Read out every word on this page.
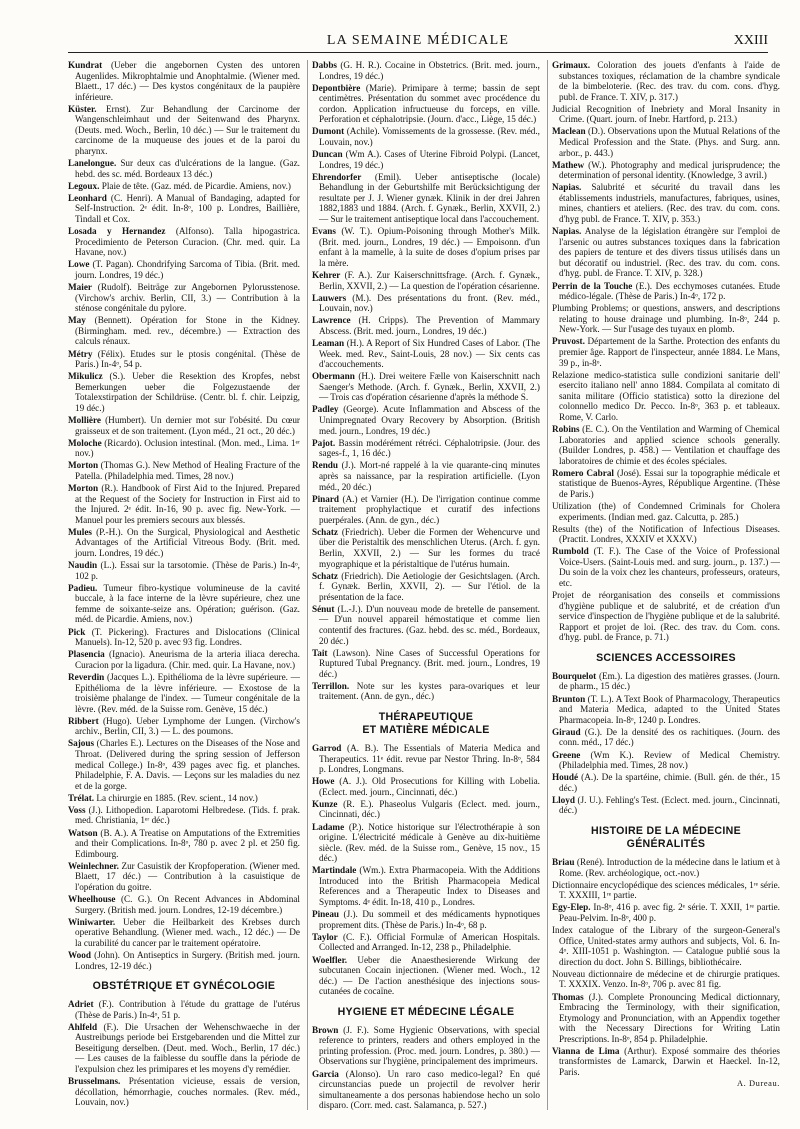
LA SEMAINE MÉDICALE	XXIII
Kundrat (Ueber die angebornen Cysten des untoren Augenlides. Mikrophtalmie und Anophtalmie. (Wiener med. Blaett., 17 déc.) — Des kystos congénitaux de la paupière inférieure.
Küster. Ernst). Zur Behandlung der Carcinome der Wangenschleimhaut und der Seitenwand des Pharynx. (Deuts. med. Woch., Berlin, 10 déc.) — Sur le traitement du carcinome de la muqueuse des joues et de la paroi du pharynx.
Lanelongue. Sur deux cas d'ulcérations de la langue. (Gaz. hebd. des sc. méd. Bordeaux 13 déc.)
Legoux. Plaie de tête. (Gaz. méd. de Picardie. Amiens, nov.)
Leonhard (C. Henri). A Manual of Bandaging, adapted for Self-Instruction. 2ᵉ édit. In-8ᵒ, 100 p. Londres, Baillière, Tindall et Cox.
Losada y Hernandez (Alfonso). Talla hipogastrica. Procedimiento de Peterson Curacion. (Chr. med. quir. La Havane, nov.)
Lowe (T. Pagan). Chondrifying Sarcoma of Tibia. (Brit. med. journ. Londres, 19 déc.)
Maier (Rudolf). Beiträge zur Angebornen Pylorusstenose. (Virchow's archiv. Berlin, CII, 3.) — Contribution à la sténose congénitale du pylore.
May (Bennett). Opération for Stone in the Kidney. (Birmingham. med. rev., décembre.) — Extraction des calculs rénaux.
Métry (Félix). Etudes sur le ptosis congénital. (Thèse de Paris.) In-4ᵒ, 54 p.
Mikulicz (S.). Ueber die Resektion des Kropfes, nebst Bemerkungen ueber die Folgezustaende der Totalexstirpation der Schildrüse. (Centr. bl. f. chir. Leipzig, 19 déc.)
Mollière (Humbert). Un dernier mot sur l'obésité. Du cœur graisseux et de son traitement. (Lyon méd., 21 oct., 20 déc.)
Moloche (Ricardo). Oclusion intestinal. (Mon. med., Lima. 1ᵉʳ nov.)
Morton (Thomas G.). New Method of Healing Fracture of the Patella. (Philadelphia med. Times, 28 nov.)
Morton (R.). Handbook of First Aid to the Injured. Prepared at the Request of the Society for Instruction in First aid to the Injured. 2ᵉ édit. In-16, 90 p. avec fig. New-York. — Manuel pour les premiers secours aux blessés.
Mules (P.-H.). On the Surgical, Physiological and Aesthetic Advantages of the Artificial Vitreous Body. (Brit. med. journ. Londres, 19 déc.)
Naudin (L.). Essai sur la tarsotomie. (Thèse de Paris.) In-4ᵒ, 102 p.
Padieu. Tumeur fibro-kystique volumineuse de la cavité buccale, à la face interne de la lèvre supérieure, chez une femme de soixante-seize ans. Opération; guérison. (Gaz. méd. de Picardie. Amiens, nov.)
Pick (T. Pickering). Fractures and Dislocations (Clinical Manuels). In-12, 520 p. avec 93 fig. Londres.
Plasencia (Ignacio). Aneurisma de la arteria iliaca derecha. Curacion por la ligadura. (Chir. med. quir. La Havane, nov.)
Reverdin (Jacques L.). Epithélioma de la lèvre supérieure. — Epithélioma de la lèvre inférieure. — Exostose de la troisième phalange de l'index. — Tumeur congénitale de la lèvre. (Rev. méd. de la Suisse rom. Genève, 15 déc.)
Ribbert (Hugo). Ueber Lymphome der Lungen. (Virchow's archiv., Berlin, CII, 3.) — L. des poumons.
Sajous (Charles E.). Lectures on the Diseases of the Nose and Throat. (Delivered during the spring session of Jefferson medical College.) In-8ᵒ, 439 pages avec fig. et planches. Philadelphie, F. A. Davis. — Leçons sur les maladies du nez et de la gorge.
Trélat. La chirurgie en 1885. (Rev. scient., 14 nov.)
Voss (J.). Lithopedion. Laparotomi Helbredese. (Tids. f. prak. med. Christiania, 1ᵉʳ déc.)
Watson (B. A.). A Treatise on Amputations of the Extremities and their Complications. In-8ᵒ, 780 p. avec 2 pl. et 250 fig. Edimbourg.
Weinlechner. Zur Casuistik der Kropfoperation. (Wiener med. Blaett, 17 déc.) — Contribution à la casuistique de l'opération du goitre.
Wheelhouse (C. G.). On Recent Advances in Abdominal Surgery. (British med. journ. Londres, 12-19 décembre.)
Winiwarter. Ueber die Heilbarkeit des Krebses durch operative Behandlung. (Wiener med. wach., 12 déc.) — De la curabilité du cancer par le traitement opératoire.
Wood (John). On Antiseptics in Surgery. (British med. journ. Londres, 12-19 déc.)
OBSTÉTRIQUE ET GYNÉCOLOGIE
Adriet (F.). Contribution à l'étude du grattage de l'utérus (Thèse de Paris.) In-4ᵒ, 51 p.
Ahlfeld (F.). Die Ursachen der Wehenschwaeche in der Austreibungs periode bei Erstgebarenden und die Mittel zur Beseitigung derselben. (Deut. med. Woch., Berlin, 17 déc.) — Les causes de la faiblesse du souffle dans la période de l'expulsion chez les primipares et les moyens d'y remédier.
Brusselmans. Présentation vicieuse, essais de version, décollation, hémorrhagie, couches normales. (Rev. méd., Louvain, nov.)
Dabbs (G. H. R.). Cocaine in Obstetrics. (Brit. med. journ., Londres, 19 déc.)
Depontbière (Marie). Primipare à terme; bassin de sept centimètres. Présentation du sommet avec procédence du cordon. Application infructueuse du forceps, en ville. Perforation et céphalotripsie. (Journ. d'acc., Liège, 15 déc.)
Dumont (Achile). Vomissements de la grossesse. (Rev. méd., Louvain, nov.)
Duncan (Wm A.). Cases of Uterine Fibroid Polypi. (Lancet, Londres, 19 déc.)
Ehrendorfer (Emil). Ueber antiseptische (locale) Behandlung in der Geburtshilfe mit Berücksichtigung der resultate per J. J. Wiener gynæk. Klinik in der drei Jahren 1882,1883 und 1884. (Arch. f. Gynæk., Berlin, XXVII, 2.) — Sur le traitement antiseptique local dans l'accouchement.
Evans (W. T.). Opium-Poisoning through Mother's Milk. (Brit. med. journ., Londres, 19 déc.) — Empoisonn. d'un enfant à la mamelle, à la suite de doses d'opium prises par la mère.
Kehrer (F. A.). Zur Kaiserschnittsfrage. (Arch. f. Gynæk., Berlin, XXVII, 2.) — La question de l'opération césarienne.
Lauwers (M.). Des présentations du front. (Rev. méd., Louvain, nov.)
Lawrence (H. Cripps). The Prevention of Mammary Abscess. (Brit. med. journ., Londres, 19 déc.)
Leaman (H.). A Report of Six Hundred Cases of Labor. (The Week. med. Rev., Saint-Louis, 28 nov.) — Six cents cas d'accouchements.
Obermann (H.). Drei weitere Fælle von Kaiserschnitt nach Saenger's Methode. (Arch. f. Gynæk., Berlin, XXVII, 2.) — Trois cas d'opération césarienne d'après la méthode S.
Padley (George). Acute Inflammation and Abscess of the Unimpregnated Ovary Recovery by Absorption. (British med. journ., Londres, 19 déc.)
Pajot. Bassin modérément rétréci. Céphalotripsie. (Jour. des sages-f., 1, 16 déc.)
Rendu (J.). Mort-né rappelé à la vie quarante-cinq minutes après sa naissance, par la respiration artificielle. (Lyon méd., 20 déc.)
Pinard (A.) et Varnier (H.). De l'irrigation continue comme traitement prophylactique et curatif des infections puerpérales. (Ann. de gyn., déc.)
Schatz (Friedrich). Ueber die Formen der Wehencurve und über die Peristaltik des menschlichen Uterus. (Arch. f. gyn. Berlin, XXVII, 2.) — Sur les formes du tracé myographique et la péristaltique de l'utérus humain.
Schatz (Friedrich). Die Aetiologie der Gesichtslagen. (Arch. f. Gynæk. Berlin, XXVII, 2). — Sur l'étiol. de la présentation de la face.
Sénut (L.-J.). D'un nouveau mode de bretelle de pansement. — D'un nouvel appareil hémostatique et comme lien contentif des fractures. (Gaz. hebd. des sc. méd., Bordeaux, 20 déc.)
Tait (Lawson). Nine Cases of Successful Operations for Ruptured Tubal Pregnancy. (Brit. med. journ., Londres, 19 déc.)
Terrillon. Note sur les kystes para-ovariques et leur traitement. (Ann. de gyn., déc.)
THÉRAPEUTIQUE
ET MATIÈRE MÉDICALE
Garrod (A. B.). The Essentials of Materia Medica and Therapeutics. 11ᵉ édit. revue par Nestor Thring. In-8ᵒ, 584 p. Londres, Longmans.
Howe (A. J.). Old Prosecutions for Killing with Lobelia. (Eclect. med. journ., Cincinnati, déc.)
Kunze (R. E.). Phaseolus Vulgaris (Eclect. med. journ., Cincinnati, déc.)
Ladame (P.). Notice historique sur l'électrothérapie à son origine. L'électricité médicale à Genève au dix-huitième siècle. (Rev. méd. de la Suisse rom., Genève, 15 nov., 15 déc.)
Martindale (Wm.). Extra Pharmacopeia. With the Additions Introduced into the British Pharmacopeia Medical References and a Therapeutic Index to Diseases and Symptoms. 4ᵉ édit. In-18, 410 p., Londres.
Pineau (J.). Du sommeil et des médicaments hypnotiques proprement dits. (Thèse de Paris.) In-4ᵒ, 68 p.
Taylor (C. F.). Official Formulæ of American Hospitals. Collected and Arranged. In-12, 238 p., Philadelphie.
Woelfler. Ueber die Anaesthesierende Wirkung der subcutanen Cocain injectionen. (Wiener med. Woch., 12 déc.) — De l'action anesthésique des injections sous-cutanées de cocaïne.
HYGIENE ET MÉDECINE LÉGALE
Brown (J. F.). Some Hygienic Observations, with special reference to printers, readers and others employed in the printing profession. (Proc. med. journ. Londres, p. 380.) — Observations sur l'hygiène, principalement des imprimeurs.
Garcia (Alonso). Un raro caso medico-legal? En qué circunstancias puede un projectil de revolver herir simultaneamente a dos personas habiendose hecho un solo disparo. (Corr. med. cast. Salamanca, p. 527.)
Grimaux. Coloration des jouets d'enfants à l'aide de substances toxiques, réclamation de la chambre syndicale de la bimbeloterie. (Rec. des trav. du com. cons. d'hyg. publ. de France. T. XIV, p. 317.)
Judicial Recognition of Inebriety and Moral Insanity in Crime. (Quart. journ. of Inebr. Hartford, p. 213.)
Maclean (D.). Observations upon the Mutual Relations of the Medical Profession and the State. (Phys. and Surg. ann. arbor., p. 443.)
Mathew (W.). Photography and medical jurisprudence; the determination of personal identity. (Knowledge, 3 avril.)
Napias. Salubrité et sécurité du travail dans les établissements industriels, manufactures, fabriques, usines, mines, chantiers et ateliers. (Rec. des trav. du com. cons. d'hyg publ. de France. T. XIV, p. 353.)
Napias. Analyse de la législation étrangère sur l'emploi de l'arsenic ou autres substances toxiques dans la fabrication des papiers de tenture et des divers tissus utilisés dans un but décoratif ou industriel. (Rec. des trav. du com. cons. d'hyg. publ. de France. T. XIV, p. 328.)
Perrin de la Touche (E.). Des ecchymoses cutanées. Etude médico-légale. (Thèse de Paris.) In-4ᵒ, 172 p.
Plumbing Problems; or questions, answers, and descriptions relating to house drainage und plumbing. In-8ᵒ, 244 p. New-York. — Sur l'usage des tuyaux en plomb.
Pruvost. Département de la Sarthe. Protection des enfants du premier âge. Rapport de l'inspecteur, année 1884. Le Mans, 39 p., in-8ᵒ.
Relazione medico-statistica sulle condizioni sanitarie dell' esercito italiano nell' anno 1884. Compilata al comitato di sanita militare (Officio statistica) sotto la direzione del colonnello medico Dr. Pecco. In-8ᵒ, 363 p. et tableaux. Rome, V. Carlo.
Robins (E. C.). On the Ventilation and Warming of Chemical Laboratories and applied science schools generally. (Builder Londres, p. 458.) — Ventilation et chauffage des laboratoires de chimie et des écoles spéciales.
Romero Cabral (José). Essai sur la topographie médicale et statistique de Buenos-Ayres, République Argentine. (Thèse de Paris.)
Utilization (the) of Condemned Criminals for Cholera experiments. (Indian med. gaz. Calcutta, p. 285.)
Results (the) of the Notification of Infectious Diseases. (Practit. Londres, XXXIV et XXXV.)
Rumbold (T. F.). The Case of the Voice of Professional Voice-Users. (Saint-Louis med. and surg. journ., p. 137.) — Du soin de la voix chez les chanteurs, professeurs, orateurs, etc.
Projet de réorganisation des conseils et commissions d'hygiène publique et de salubrité, et de création d'un service d'inspection de l'hygiène publique et de la salubrité. Rapport et projet de loi. (Rec. des trav. du Com. cons. d'hyg. publ. de France, p. 71.)
SCIENCES ACCESSOIRES
Bourquelot (Em.). La digestion des matières grasses. (Journ. de pharm., 15 déc.)
Brunton (T. L.). A Text Book of Pharmacology, Therapeutics and Materia Medica, adapted to the United States Pharmacopeia. In-8ᵒ, 1240 p. Londres.
Giraud (G.). De la densité des os rachitiques. (Journ. des conn. méd., 17 déc.)
Greene (Wm K.). Review of Medical Chemistry. (Philadelphia med. Times, 28 nov.)
Houdé (A.). De la spartéine, chimie. (Bull. gén. de thér., 15 déc.)
Lloyd (J. U.). Fehling's Test. (Eclect. med. journ., Cincinnati, déc.)
HISTOIRE DE LA MÉDECINE
GÉNÉRALITÉS
Briau (René). Introduction de la médecine dans le latium et à Rome. (Rev. archéologique, oct.-nov.)
Dictionnaire encyclopédique des sciences médicales, 1ʳᵉ série. T. XXXIII, 1ʳᵉ partie.
Egy-Elep. In-8ᵒ, 416 p. avec fig. 2ᵉ série. T. XXII, 1ʳᵉ partie. Peau-Pelvim. In-8ᵒ, 400 p.
Index catalogue of the Library of the surgeon-General's Office, United-states army authors and subjects, Vol. 6. In-4ᵒ. XIII-1051 p. Washington. — Catalogue publié sous la direction du doct. John S. Billings, bibliothécaire.
Nouveau dictionnaire de médecine et de chirurgie pratiques. T. XXXIX. Venzo. In-8ᵒ, 706 p. avec 81 fig.
Thomas (J.). Complete Pronouncing Medical dictionnary, Embracing the Terminology, with their signification, Etymology and Pronunciation, with an Appendix together with the Necessary Directions for Writing Latin Prescriptions. In-8ᵒ, 854 p. Philadelphie.
Vianna de Lima (Arthur). Exposé sommaire des théories transformistes de Lamarck, Darwin et Haeckel. In-12, Paris.
A. Dureau.
